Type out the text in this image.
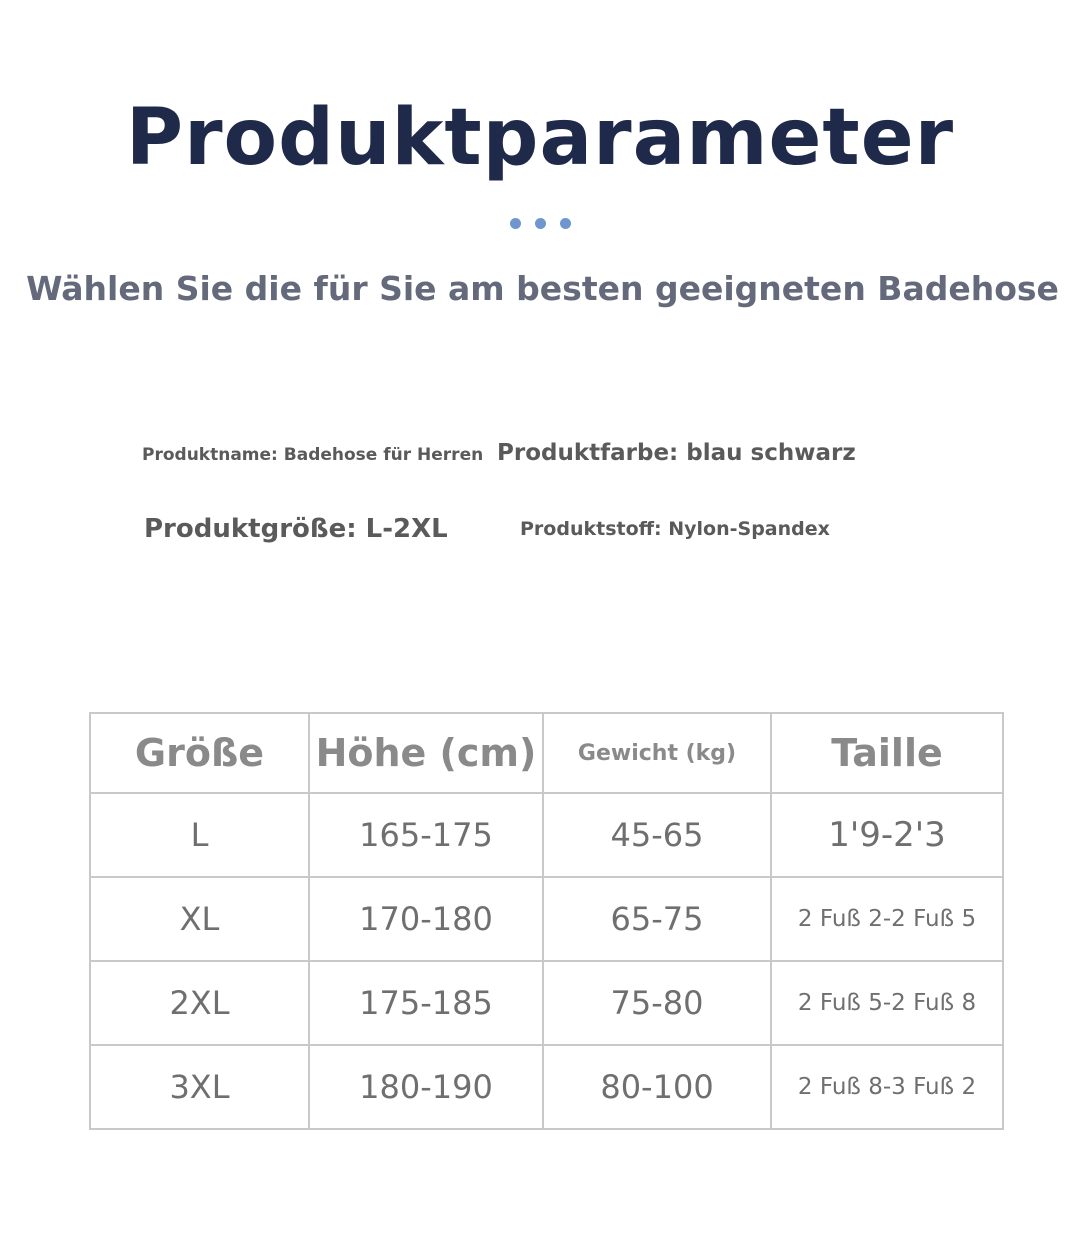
Produktparameter
Wählen Sie die für Sie am besten geeigneten Badehose
Produktname: Badehose für Herren Produktfarbe: blau schwarz
Produktgröße: L-2XL	Produktstoff: Nylon-Spandex
Größe	Höhe (cm)	Gewicht (kg)	Taille
L	165-175	45-65	1'9-2'3
XL	170-180	65-75	2 Fuß 2-2 Fuß 5
2XL	175-185	75-80	2 Fuß 5-2 Fuß 8
3XL	180-190	80-100	2 Fuß 8-3 Fuß 2
